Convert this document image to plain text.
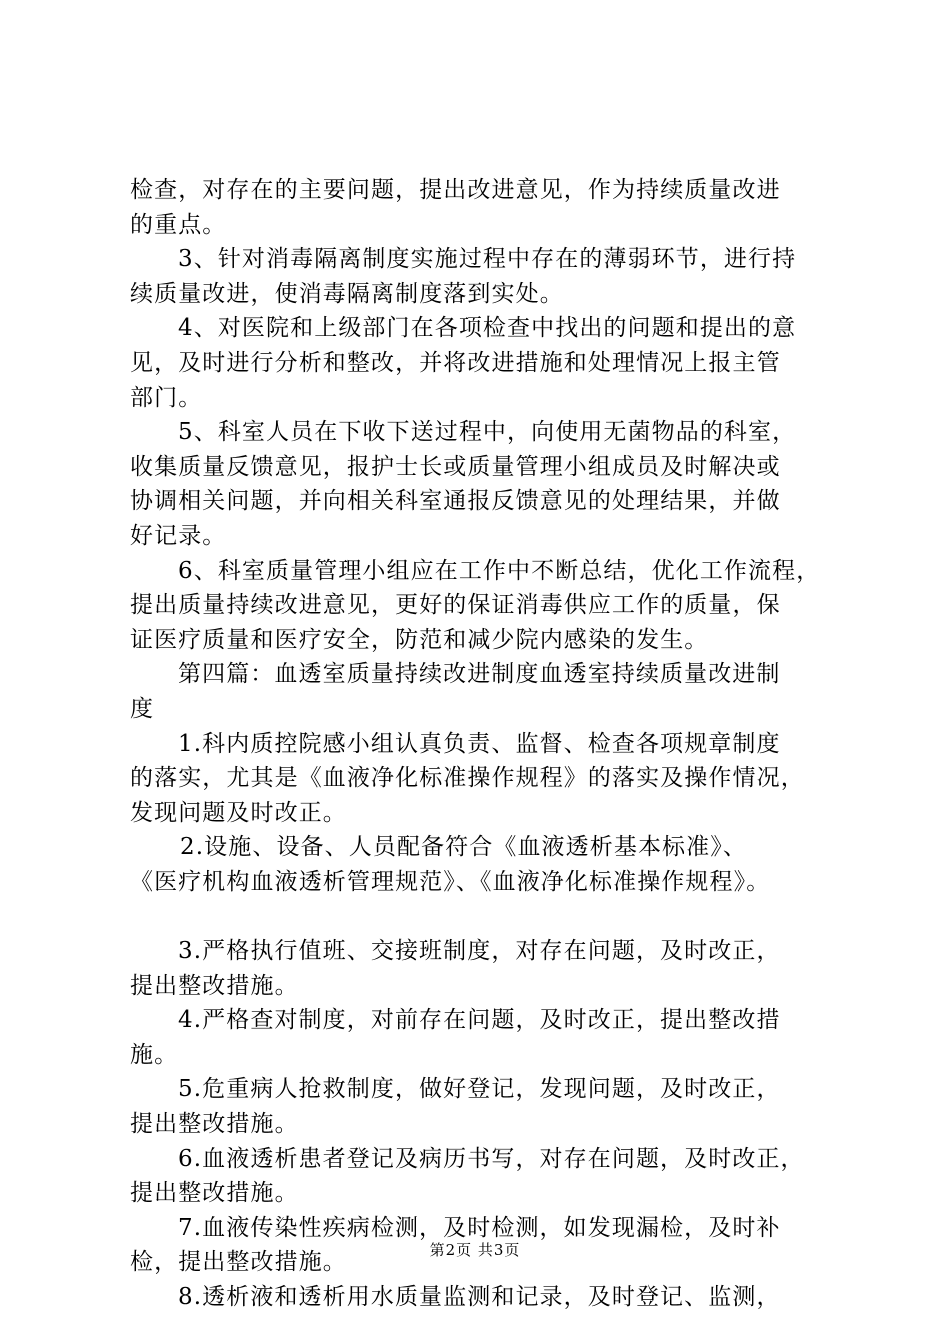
检查，对存在的主要问题，提出改进意见，作为持续质量改进
的重点。
3、针对消毒隔离制度实施过程中存在的薄弱环节，进行持
续质量改进，使消毒隔离制度落到实处。
4、对医院和上级部门在各项检查中找出的问题和提出的意
见，及时进行分析和整改，并将改进措施和处理情况上报主管
部门。
5、科室人员在下收下送过程中，向使用无菌物品的科室，
收集质量反馈意见，报护士长或质量管理小组成员及时解决或
协调相关问题，并向相关科室通报反馈意见的处理结果，并做
好记录。
6、科室质量管理小组应在工作中不断总结，优化工作流程，
提出质量持续改进意见，更好的保证消毒供应工作的质量，保
证医疗质量和医疗安全，防范和减少院内感染的发生。
第四篇：血透室质量持续改进制度血透室持续质量改进制
度
1.科内质控院感小组认真负责、监督、检查各项规章制度
的落实，尤其是《血液净化标准操作规程》的落实及操作情况，
发现问题及时改正。
2.设施、设备、人员配备符合《血液透析基本标准》、
《医疗机构血液透析管理规范》、《血液净化标准操作规程》。
3.严格执行值班、交接班制度，对存在问题，及时改正，
提出整改措施。
4.严格查对制度，对前存在问题，及时改正，提出整改措
施。
5.危重病人抢救制度，做好登记，发现问题，及时改正，
提出整改措施。
6.血液透析患者登记及病历书写，对存在问题，及时改正，
提出整改措施。
7.血液传染性疾病检测，及时检测，如发现漏检，及时补
检，提出整改措施。
8.透析液和透析用水质量监测和记录，及时登记、监测，
第2页 共3页
